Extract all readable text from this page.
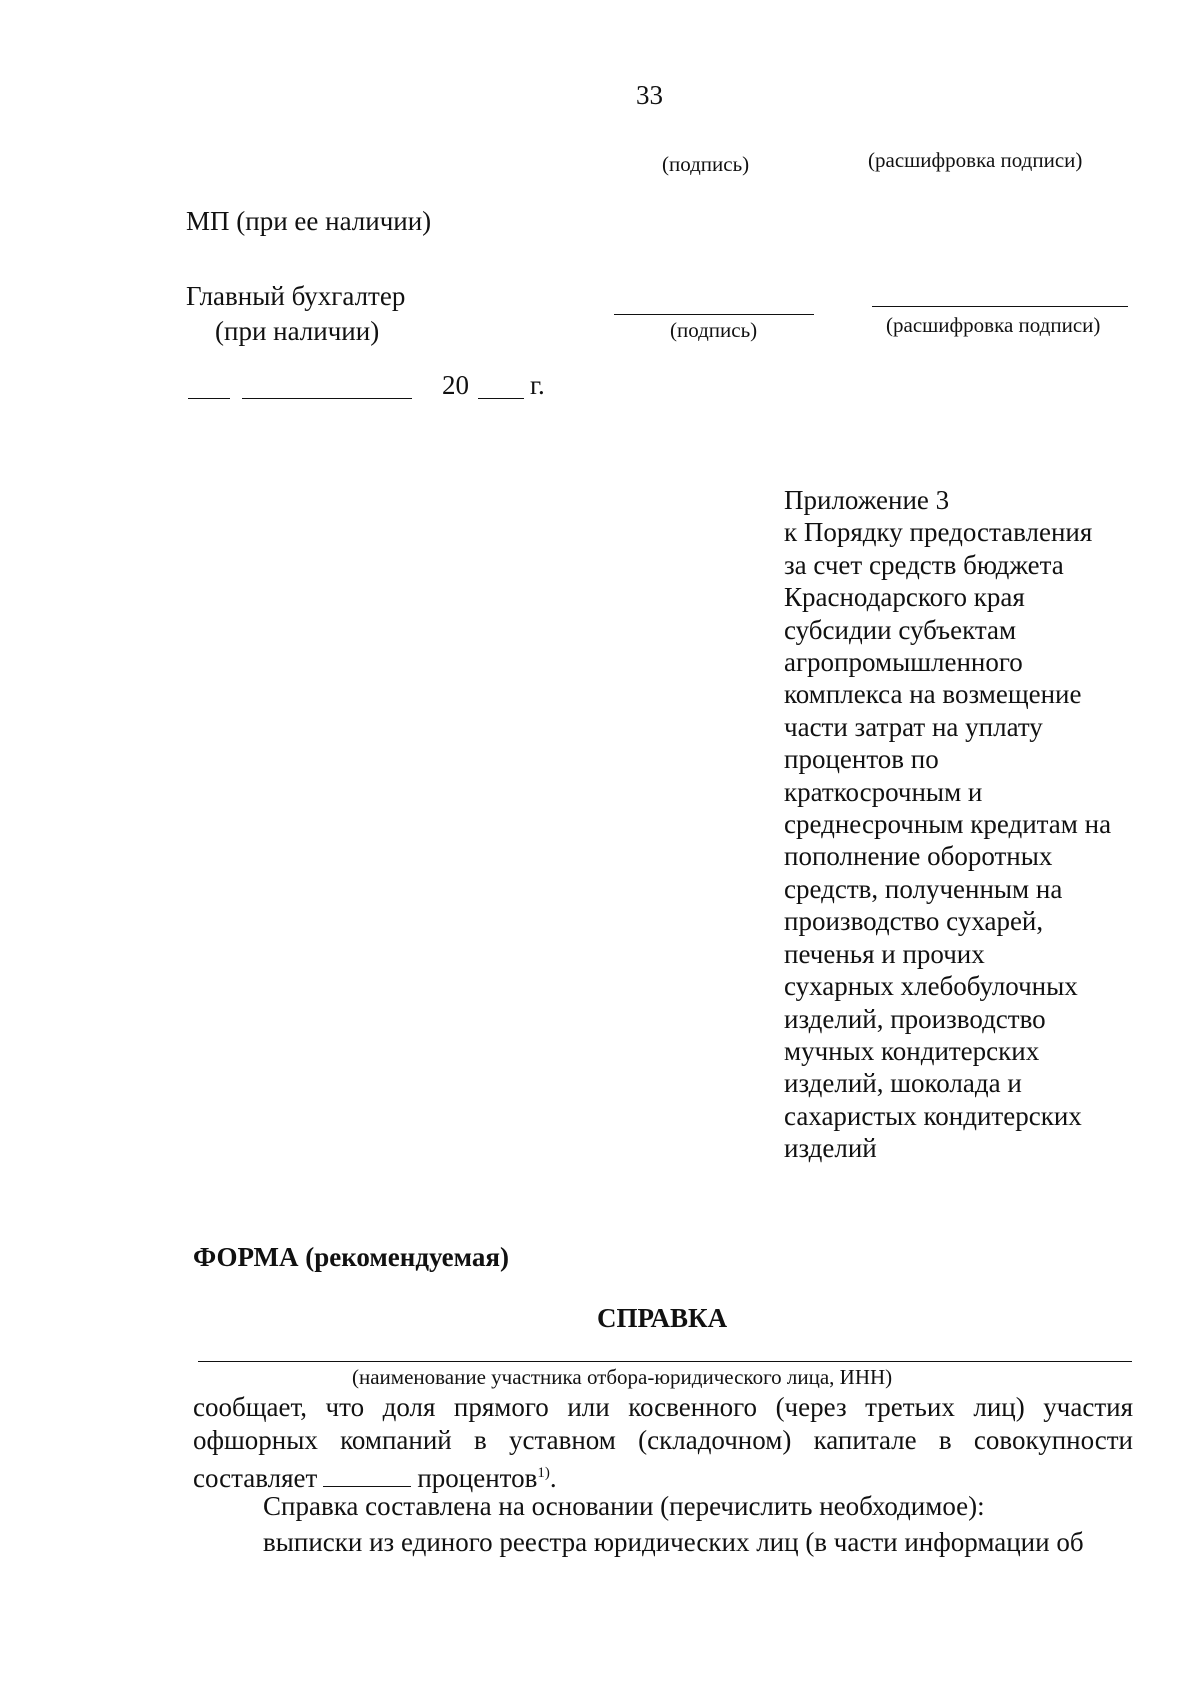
33
(подпись)	(расшифровка подписи)
МП (при ее наличии)
Главный бухгалтер
(при наличии)	(подпись)	(расшифровка подписи)
20 г.
Приложение 3
к Порядку предоставления
за счет средств бюджета
Краснодарского края
субсидии субъектам
агропромышленного
комплекса на возмещение
части затрат на уплату
процентов по
краткосрочным и
среднесрочным кредитам на
пополнение оборотных
средств, полученным на
производство сухарей,
печенья и прочих
сухарных хлебобулочных
изделий, производство
мучных кондитерских
изделий, шоколада и
сахаристых кондитерских
изделий
ФОРМА (рекомендуемая)
СПРАВКА
(наименование участника отбора-юридического лица, ИНН)
сообщает, что доля прямого или косвенного (через третьих лиц) участия
офшорных компаний в уставном (складочном) капитале в совокупности
составляет	процентов$^{1)}$.
Справка составлена на основании (перечислить необходимое):
выписки из единого реестра юридических лиц (в части информации об
